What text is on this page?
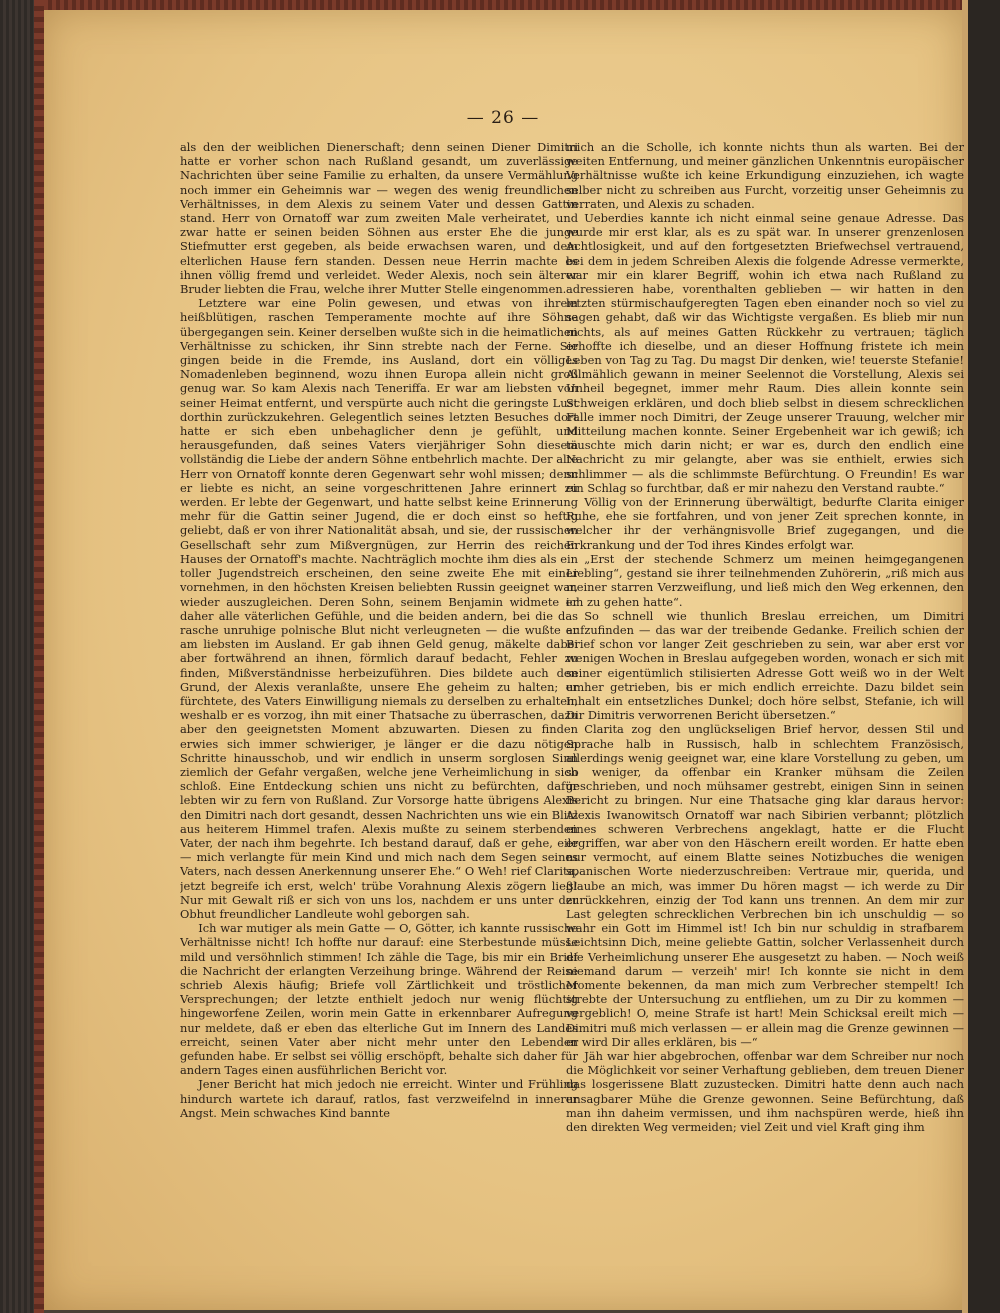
— 26 —

als den der weiblichen Dienerschaft; denn seinen Diener Dimitri hatte er vorher schon nach Rußland gesandt, um zuverlässige Nachrichten über seine Familie zu erhalten, da unsere Vermählung noch immer ein Geheimnis war — wegen des wenig freundlichen Verhältnisses, in dem Alexis zu seinem Vater und dessen Gattin stand. Herr von Ornatoff war zum zweiten Male verheiratet, und zwar hatte er seinen beiden Söhnen aus erster Ehe die junge Stiefmutter erst gegeben, als beide erwachsen waren, und dem elterlichen Hause fern standen. Dessen neue Herrin machte es ihnen völlig fremd und verleidet. Weder Alexis, noch sein älterer Bruder liebten die Frau, welche ihrer Mutter Stelle eingenommen.

Letztere war eine Polin gewesen, und etwas von ihrem heißblütigen, raschen Temperamente mochte auf ihre Söhne übergegangen sein. Keiner derselben wußte sich in die heimatlichen Verhältnisse zu schicken, ihr Sinn strebte nach der Ferne. Sie gingen beide in die Fremde, ins Ausland, dort ein völliges Nomadenleben beginnend, wozu ihnen Europa allein nicht groß genug war. So kam Alexis nach Teneriffa. Er war am liebsten von seiner Heimat entfernt, und verspürte auch nicht die geringste Lust dorthin zurückzukehren. Gelegentlich seines letzten Besuches dort hatte er sich eben unbehaglicher denn je gefühlt, und herausgefunden, daß seines Vaters vierjähriger Sohn diesem vollständig die Liebe der andern Söhne entbehrlich machte. Der alte Herr von Ornatoff konnte deren Gegenwart sehr wohl missen; denn er liebte es nicht, an seine vorgeschrittenen Jahre erinnert zu werden. Er lebte der Gegenwart, und hatte selbst keine Erinnerung mehr für die Gattin seiner Jugend, die er doch einst so heftig geliebt, daß er von ihrer Nationalität absah, und sie, der russischen Gesellschaft sehr zum Mißvergnügen, zur Herrin des reichen Hauses der Ornatoff's machte. Nachträglich mochte ihm dies als ein toller Jugendstreich erscheinen, den seine zweite Ehe mit einer vornehmen, in den höchsten Kreisen beliebten Russin geeignet war, wieder auszugleichen. Deren Sohn, seinem Benjamin widmete er daher alle väterlichen Gefühle, und die beiden andern, bei die das rasche unruhige polnische Blut nicht verleugneten — die wußte er am liebsten im Ausland. Er gab ihnen Geld genug, mäkelte dabei aber fortwährend an ihnen, förmlich darauf bedacht, Fehler zu finden, Mißverständnisse herbeizuführen. Dies bildete auch den Grund, der Alexis veranlaßte, unsere Ehe geheim zu halten; er fürchtete, des Vaters Einwilligung niemals zu derselben zu erhalten, weshalb er es vorzog, ihn mit einer Thatsache zu überraschen, dazu aber den geeignetsten Moment abzuwarten. Diesen zu finden erwies sich immer schwieriger, je länger er die dazu nötigen Schritte hinausschob, und wir endlich in unserm sorglosen Sinn ziemlich der Gefahr vergaßen, welche jene Verheimlichung in sich schloß. Eine Entdeckung schien uns nicht zu befürchten, dafür lebten wir zu fern von Rußland. Zur Vorsorge hatte übrigens Alexis den Dimitri nach dort gesandt, dessen Nachrichten uns wie ein Blitz aus heiterem Himmel trafen. Alexis mußte zu seinem sterbenden Vater, der nach ihm begehrte. Ich bestand darauf, daß er gehe, eile — mich verlangte für mein Kind und mich nach dem Segen seines Vaters, nach dessen Anerkennung unserer Ehe.“ O Weh! rief Clarita, jetzt begreife ich erst, welch' trübe Vorahnung Alexis zögern ließ! Nur mit Gewalt riß er sich von uns los, nachdem er uns unter der Obhut freundlicher Landleute wohl geborgen sah.

Ich war mutiger als mein Gatte — O, Götter, ich kannte russische Verhältnisse nicht! Ich hoffte nur darauf: eine Sterbestunde müsse mild und versöhnlich stimmen! Ich zähle die Tage, bis mir ein Brief die Nachricht der erlangten Verzeihung bringe. Während der Reise schrieb Alexis häufig; Briefe voll Zärtlichkeit und tröstlicher Versprechungen; der letzte enthielt jedoch nur wenig flüchtig hingeworfene Zeilen, worin mein Gatte in erkennbarer Aufregung nur meldete, daß er eben das elterliche Gut im Innern des Landes erreicht, seinen Vater aber nicht mehr unter den Lebenden gefunden habe. Er selbst sei völlig erschöpft, behalte sich daher für andern Tages einen ausführlichen Bericht vor.

Jener Bericht hat mich jedoch nie erreicht. Winter und Frühling hindurch wartete ich darauf, ratlos, fast verzweifelnd in innerer Angst. Mein schwaches Kind bannte

mich an die Scholle, ich konnte nichts thun als warten. Bei der weiten Entfernung, und meiner gänzlichen Unkenntnis europäischer Verhältnisse wußte ich keine Erkundigung einzuziehen, ich wagte selber nicht zu schreiben aus Furcht, vorzeitig unser Geheimnis zu verraten, und Alexis zu schaden.

Ueberdies kannte ich nicht einmal seine genaue Adresse. Das wurde mir erst klar, als es zu spät war. In unserer grenzenlosen Achtlosigkeit, und auf den fortgesetzten Briefwechsel vertrauend, bei dem in jedem Schreiben Alexis die folgende Adresse vermerkte, war mir ein klarer Begriff, wohin ich etwa nach Rußland zu adressieren habe, vorenthalten geblieben — wir hatten in den letzten stürmischaufgeregten Tagen eben einander noch so viel zu sagen gehabt, daß wir das Wichtigste vergaßen. Es blieb mir nun nichts, als auf meines Gatten Rückkehr zu vertrauen; täglich erhoffte ich dieselbe, und an dieser Hoffnung fristete ich mein Leben von Tag zu Tag. Du magst Dir denken, wie! teuerste Stefanie! Allmählich gewann in meiner Seelennot die Vorstellung, Alexis sei Unheil begegnet, immer mehr Raum. Dies allein konnte sein Schweigen erklären, und doch blieb selbst in diesem schrecklichen Falle immer noch Dimitri, der Zeuge unserer Trauung, welcher mir Mitteilung machen konnte. Seiner Ergebenheit war ich gewiß; ich täuschte mich darin nicht; er war es, durch den endlich eine Nachricht zu mir gelangte, aber was sie enthielt, erwies sich schlimmer — als die schlimmste Befürchtung. O Freundin! Es war ein Schlag so furchtbar, daß er mir nahezu den Verstand raubte.“

Völlig von der Erinnerung überwältigt, bedurfte Clarita einiger Ruhe, ehe sie fortfahren, und von jener Zeit sprechen konnte, in welcher ihr der verhängnisvolle Brief zugegangen, und die Erkrankung und der Tod ihres Kindes erfolgt war.

„Erst der stechende Schmerz um meinen heimgegangenen Liebling“, gestand sie ihrer teilnehmenden Zuhörerin, „riß mich aus meiner starren Verzweiflung, und ließ mich den Weg erkennen, den ich zu gehen hatte“.

So schnell wie thunlich Breslau erreichen, um Dimitri aufzufinden — das war der treibende Gedanke. Freilich schien der Brief schon vor langer Zeit geschrieben zu sein, war aber erst vor wenigen Wochen in Breslau aufgegeben worden, wonach er sich mit seiner eigentümlich stilisierten Adresse Gott weiß wo in der Welt umher getrieben, bis er mich endlich erreichte. Dazu bildet sein Inhalt ein entsetzliches Dunkel; doch höre selbst, Stefanie, ich will Dir Dimitris verworrenen Bericht übersetzen.“

Clarita zog den unglückseligen Brief hervor, dessen Stil und Sprache halb in Russisch, halb in schlechtem Französisch, allerdings wenig geeignet war, eine klare Vorstellung zu geben, um so weniger, da offenbar ein Kranker mühsam die Zeilen geschrieben, und noch mühsamer gestrebt, einigen Sinn in seinen Bericht zu bringen. Nur eine Thatsache ging klar daraus hervor: Alexis Iwanowitsch Ornatoff war nach Sibirien verbannt; plötzlich eines schweren Verbrechens angeklagt, hatte er die Flucht ergriffen, war aber von den Häschern ereilt worden. Er hatte eben nur vermocht, auf einem Blatte seines Notizbuches die wenigen spanischen Worte niederzuschreiben: Vertraue mir, querida, und glaube an mich, was immer Du hören magst — ich werde zu Dir zurückkehren, einzig der Tod kann uns trennen. An dem mir zur Last gelegten schrecklichen Verbrechen bin ich unschuldig — so wahr ein Gott im Himmel ist! Ich bin nur schuldig in strafbarem Leichtsinn Dich, meine geliebte Gattin, solcher Verlassenheit durch die Verheimlichung unserer Ehe ausgesetzt zu haben. — Noch weiß niemand darum — verzeih' mir! Ich konnte sie nicht in dem Momente bekennen, da man mich zum Verbrecher stempelt! Ich strebte der Untersuchung zu entfliehen, um zu Dir zu kommen — vergeblich! O, meine Strafe ist hart! Mein Schicksal ereilt mich — Dimitri muß mich verlassen — er allein mag die Grenze gewinnen — er wird Dir alles erklären, bis —“

Jäh war hier abgebrochen, offenbar war dem Schreiber nur noch die Möglichkeit vor seiner Verhaftung geblieben, dem treuen Diener das losgerissene Blatt zuzustecken. Dimitri hatte denn auch nach unsagbarer Mühe die Grenze gewonnen. Seine Befürchtung, daß man ihn daheim vermissen, und ihm nachspüren werde, hieß ihn den direkten Weg vermeiden; viel Zeit und viel Kraft ging ihm
